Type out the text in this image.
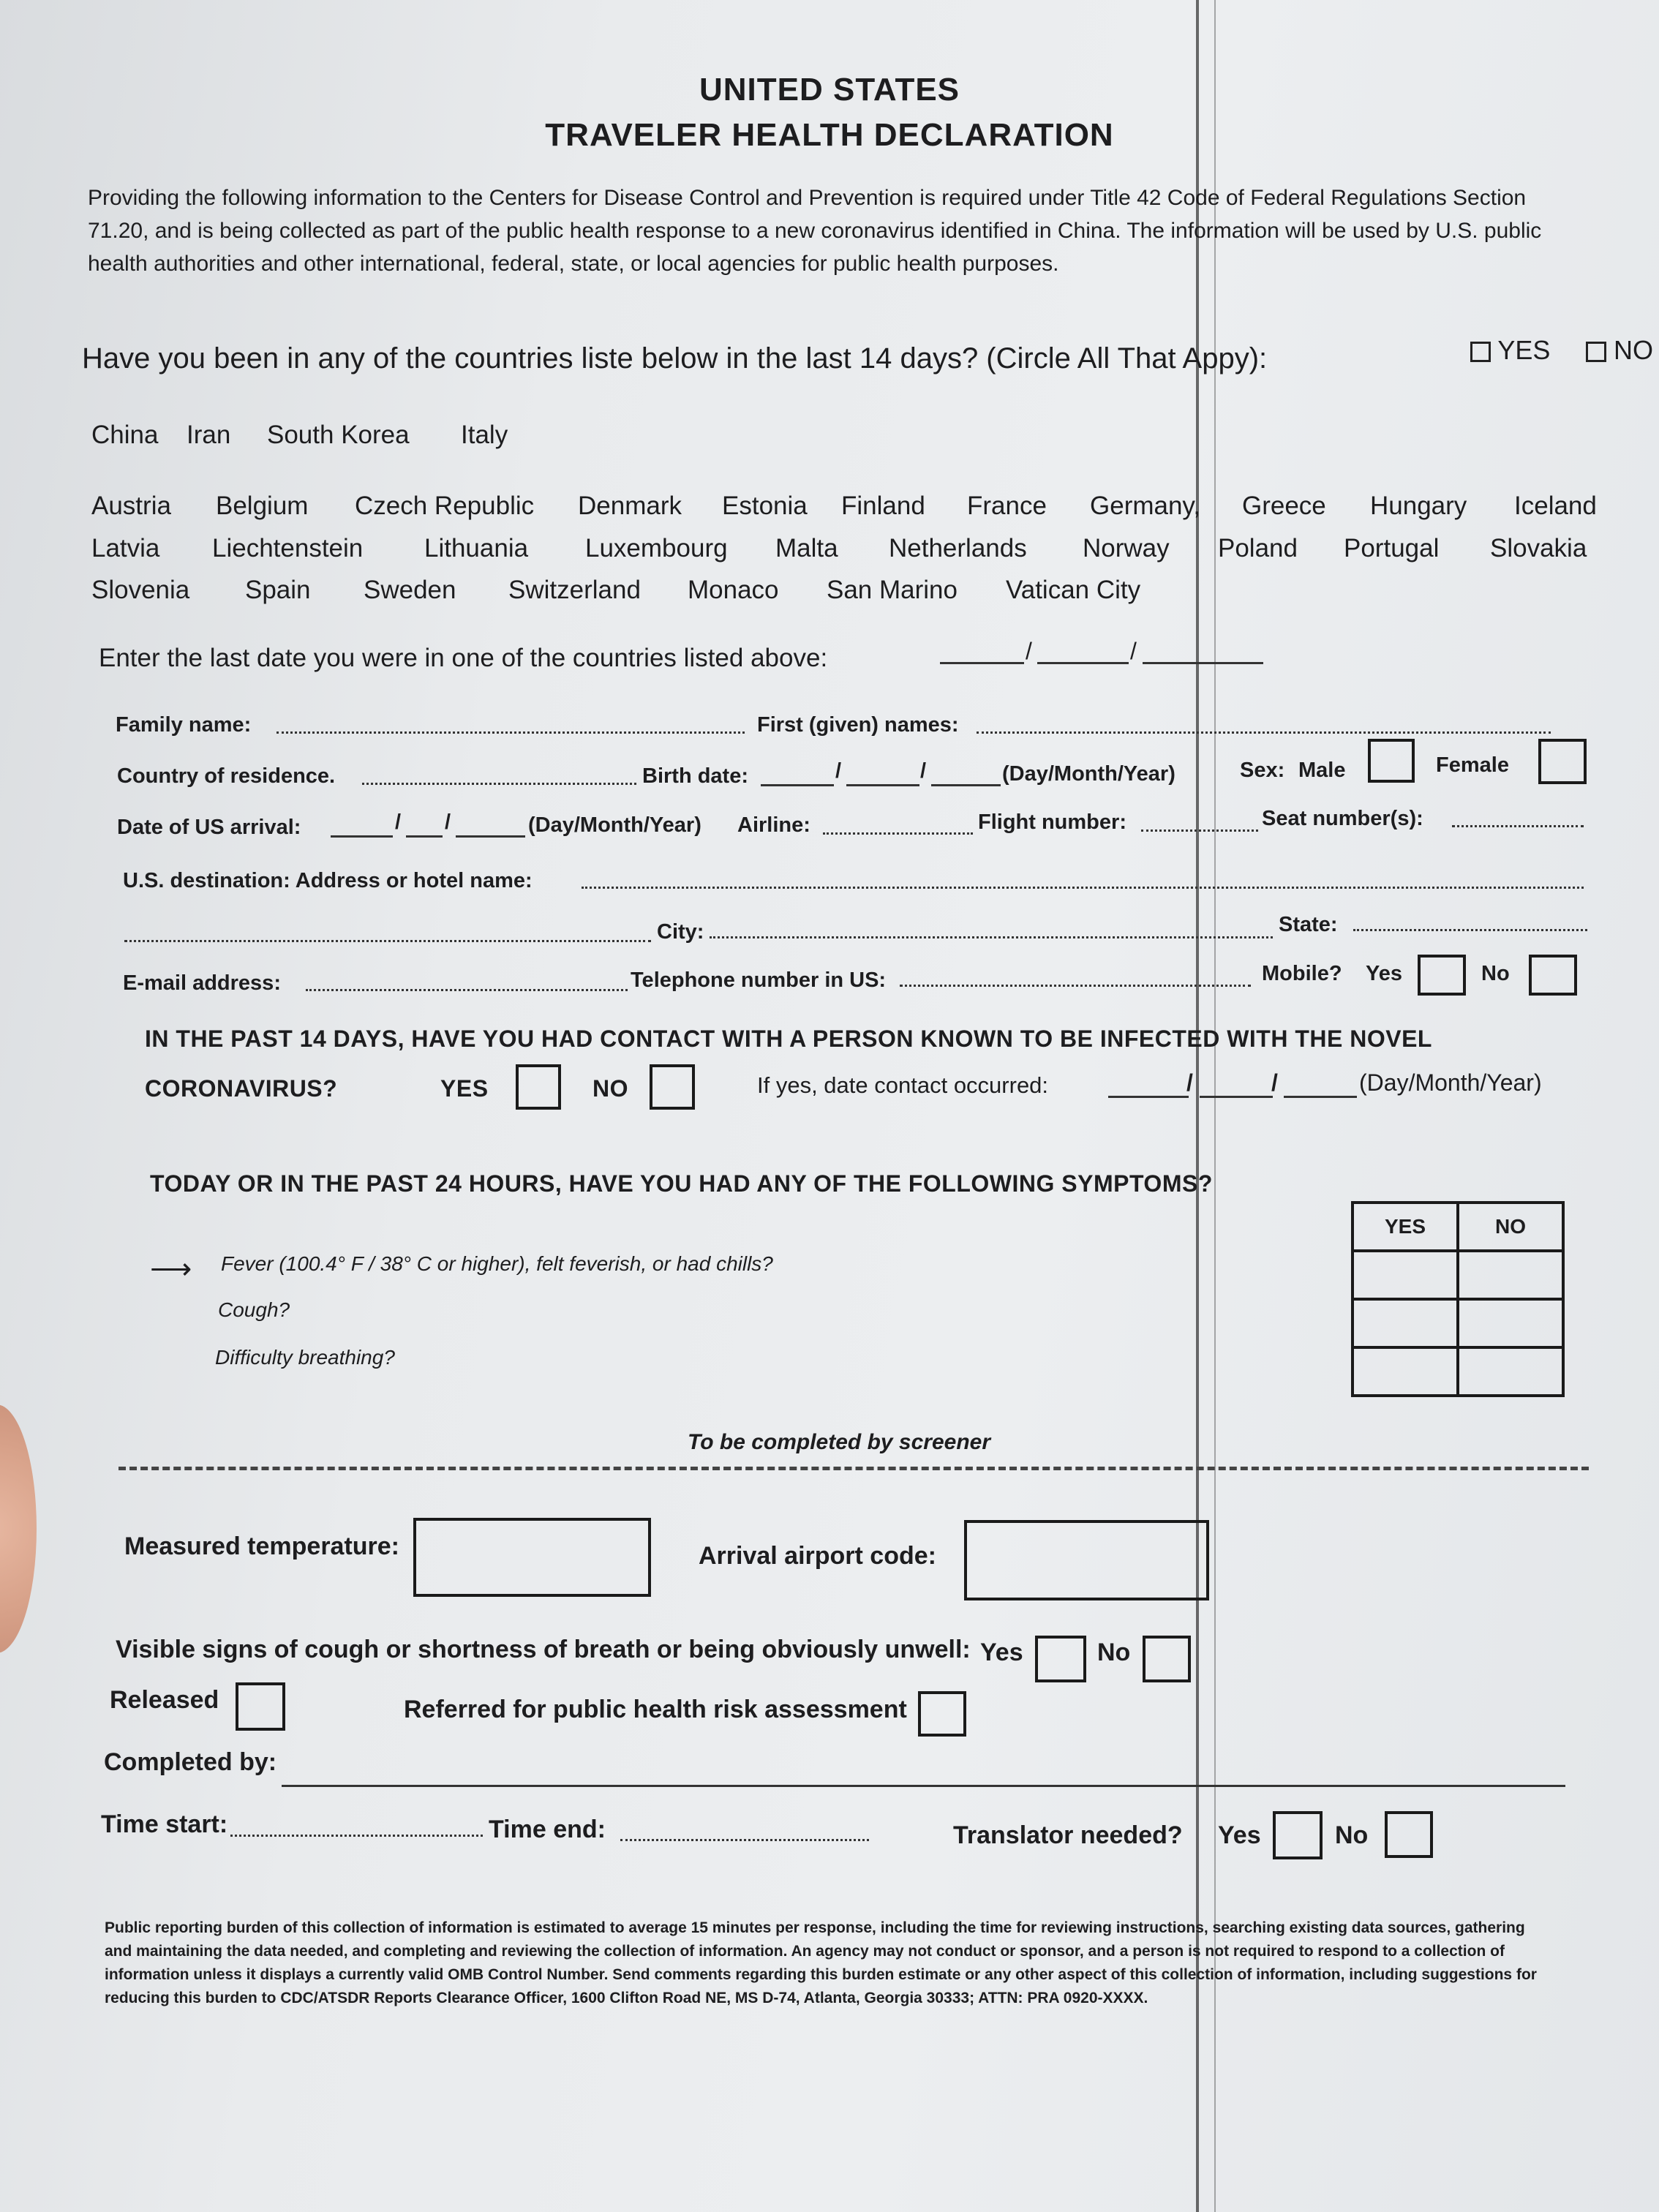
UNITED STATES
TRAVELER HEALTH DECLARATION
Providing the following information to the Centers for Disease Control and Prevention is required under Title 42 Code of Federal Regulations Section 71.20, and is being collected as part of the public health response to a new coronavirus identified in China. The information will be used by U.S. public health authorities and other international, federal, state, or local agencies for public health purposes.
Have you been in any of the countries liste below in the last 14 days? (Circle All That Appy):	YES	NO
China Iran South Korea Italy
Austria Belgium Czech Republic Denmark Estonia Finland France Germany, Greece Hungary Iceland
Latvia Liechtenstein Lithuania Luxembourg Malta Netherlands Norway Poland Portugal Slovakia
Slovenia Spain Sweden Switzerland Monaco San Marino Vatican City
Enter the last date you were in one of the countries listed above:	/	/
Family name:	First (given) names:
Country of residence.	Birth date:	/	/	(Day/Month/Year)	Sex: Male	Female
Date of US arrival:	/ /	(Day/Month/Year) Airline:	Flight number:	Seat number(s):
U.S. destination: Address or hotel name:
City:	State:
E-mail address:	Telephone number in US:	Mobile? Yes	No
IN THE PAST 14 DAYS, HAVE YOU HAD CONTACT WITH A PERSON KNOWN TO BE INFECTED WITH THE NOVEL
CORONAVIRUS?	YES	NO	If yes, date contact occurred:	/	/	(Day/Month/Year)
TODAY OR IN THE PAST 24 HOURS, HAVE YOU HAD ANY OF THE FOLLOWING SYMPTOMS?
YES	NO

⟶ Fever (100.4° F / 38° C or higher), felt feverish, or had chills?
Cough?
Difficulty breathing?
To be completed by screener
Measured temperature:	Arrival airport code:
Visible signs of cough or shortness of breath or being obviously unwell: Yes	No
Released	Referred for public health risk assessment
Completed by:
Time start:	Time end:	Translator needed? Yes	No
Public reporting burden of this collection of information is estimated to average 15 minutes per response, including the time for reviewing instructions, searching existing data sources, gathering and maintaining the data needed, and completing and reviewing the collection of information. An agency may not conduct or sponsor, and a person is not required to respond to a collection of information unless it displays a currently valid OMB Control Number. Send comments regarding this burden estimate or any other aspect of this collection of information, including suggestions for reducing this burden to CDC/ATSDR Reports Clearance Officer, 1600 Clifton Road NE, MS D-74, Atlanta, Georgia 30333; ATTN: PRA 0920-XXXX.
